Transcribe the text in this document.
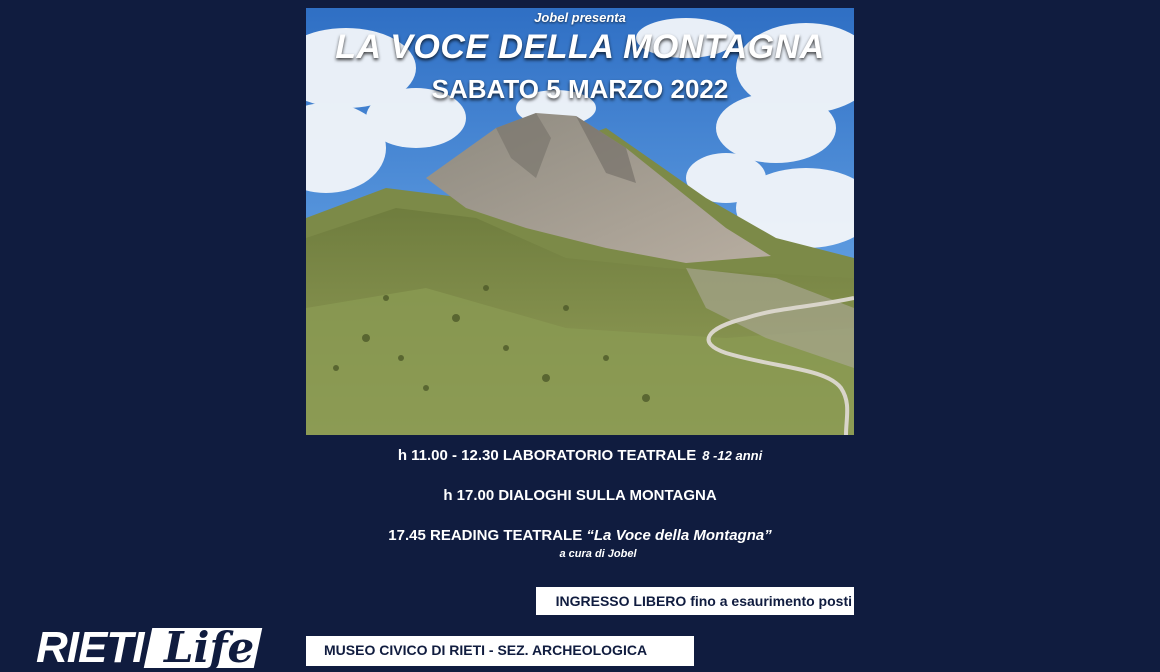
Jobel presenta
LA VOCE DELLA MONTAGNA
SABATO 5 MARZO 2022
h 11.00 - 12.30 LABORATORIO TEATRALE 8 -12 anni
h 17.00 DIALOGHI SULLA MONTAGNA
17.45 READING TEATRALE “La Voce della Montagna”
a cura di Jobel
INGRESSO LIBERO fino a esaurimento posti
MUSEO CIVICO DI RIETI - SEZ. ARCHEOLOGICA
RIETI Life
